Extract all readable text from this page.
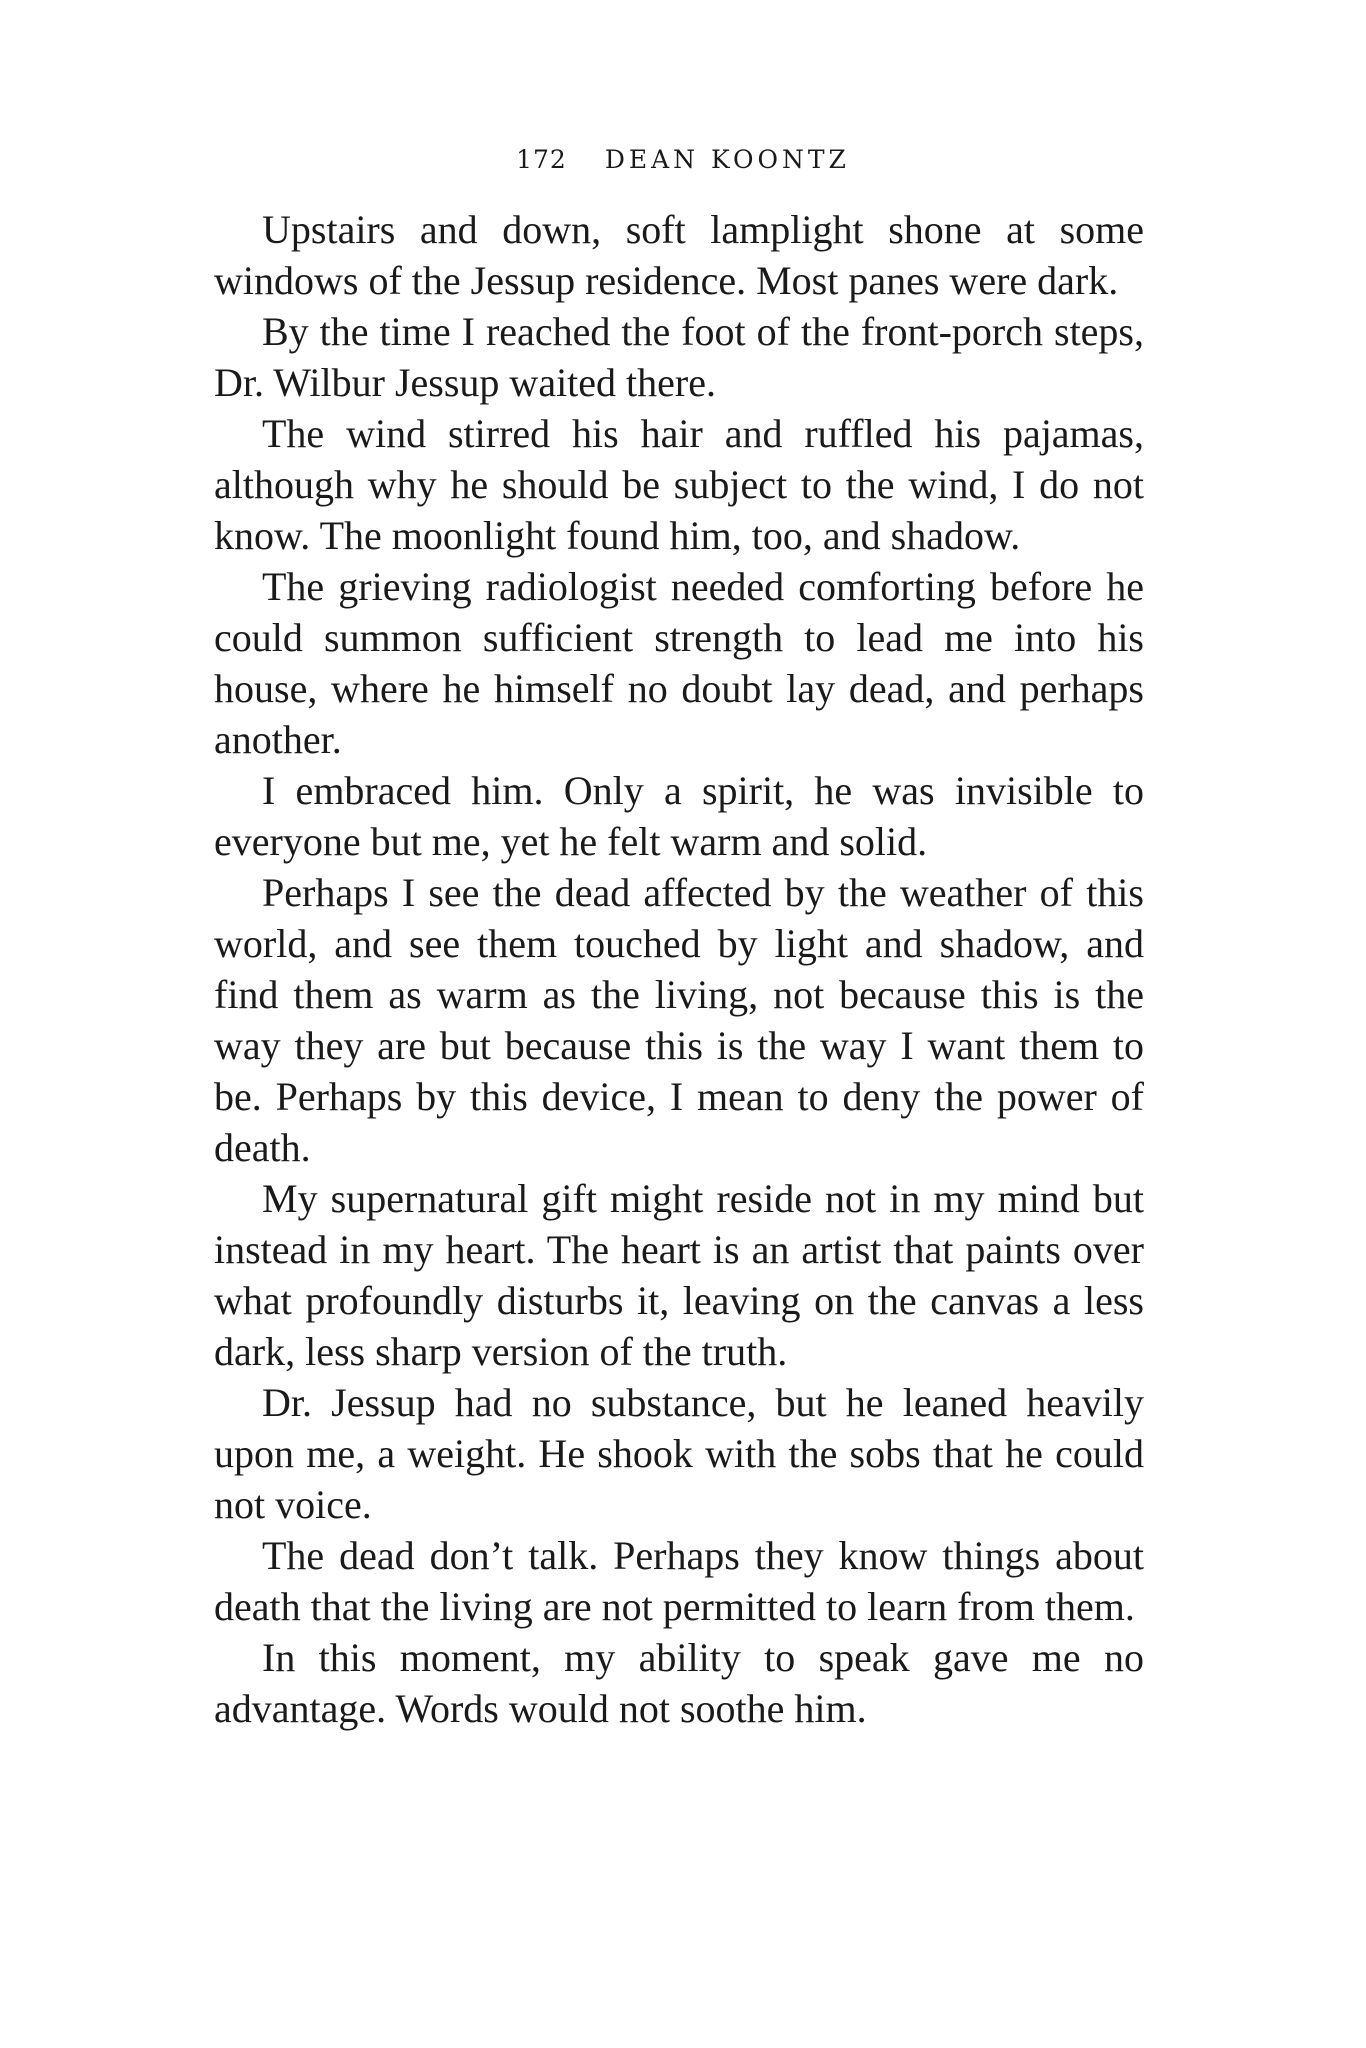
172 DEAN KOONTZ

Upstairs and down, soft lamplight shone at some windows of the Jessup residence. Most panes were dark.

By the time I reached the foot of the front-porch steps, Dr. Wilbur Jessup waited there.

The wind stirred his hair and ruffled his pajamas, although why he should be subject to the wind, I do not know. The moonlight found him, too, and shadow.

The grieving radiologist needed comforting before he could summon sufficient strength to lead me into his house, where he himself no doubt lay dead, and perhaps another.

I embraced him. Only a spirit, he was invisible to everyone but me, yet he felt warm and solid.

Perhaps I see the dead affected by the weather of this world, and see them touched by light and shadow, and find them as warm as the living, not because this is the way they are but because this is the way I want them to be. Perhaps by this device, I mean to deny the power of death.

My supernatural gift might reside not in my mind but instead in my heart. The heart is an artist that paints over what profoundly disturbs it, leaving on the canvas a less dark, less sharp version of the truth.

Dr. Jessup had no substance, but he leaned heavily upon me, a weight. He shook with the sobs that he could not voice.

The dead don’t talk. Perhaps they know things about death that the living are not permitted to learn from them.

In this moment, my ability to speak gave me no advantage. Words would not soothe him.
